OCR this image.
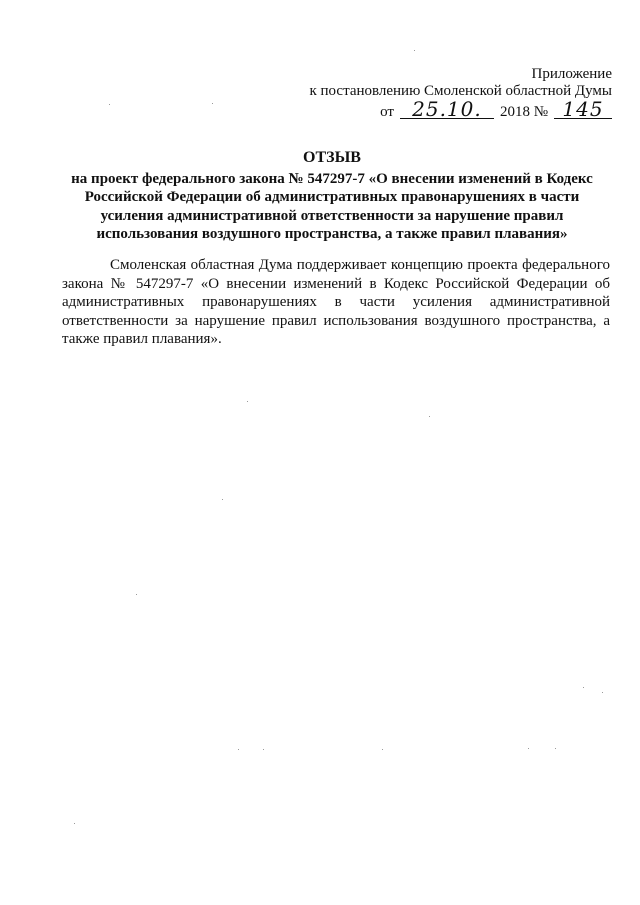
Приложение
к постановлению Смоленской областной Думы
от 25.10.	2018 № 145
ОТЗЫВ
на проект федерального закона № 547297-7 «О внесении изменений в Кодекс Российской Федерации об административных правонарушениях в части усиления административной ответственности за нарушение правил использования воздушного пространства, а также правил плавания»
Смоленская областная Дума поддерживает концепцию проекта федерального закона № 547297-7 «О внесении изменений в Кодекс Российской Федерации об административных правонарушениях в части усиления административной ответственности за нарушение правил использования воздушного пространства, а также правил плавания».
